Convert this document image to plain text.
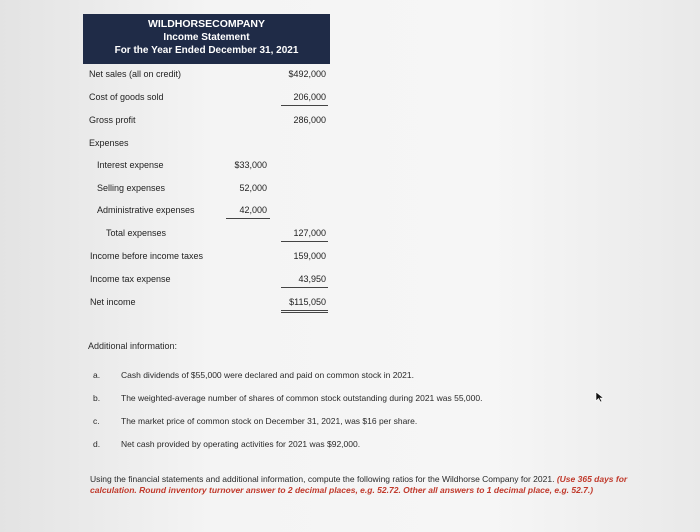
WILDHORSECOMPANY
Income Statement
For the Year Ended December 31, 2021
Net sales (all on credit)	$492,000
Cost of goods sold	206,000
Gross profit	286,000
Expenses
Interest expense	$33,000
Selling expenses	52,000
Administrative expenses	42,000
Total expenses	127,000
Income before income taxes	159,000
Income tax expense	43,950
Net income	$115,050
Additional information:
a. Cash dividends of $55,000 were declared and paid on common stock in 2021.
b. The weighted-average number of shares of common stock outstanding during 2021 was 55,000.
c.	The market price of common stock on December 31, 2021, was $16 per share.
d. Net cash provided by operating activities for 2021 was $92,000.
Using the financial statements and additional information, compute the following ratios for the Wildhorse Company for 2021. (Use 365 days for calculation. Round inventory turnover answer to 2 decimal places, e.g. 52.72. Other all answers to 1 decimal place, e.g. 52.7.)
